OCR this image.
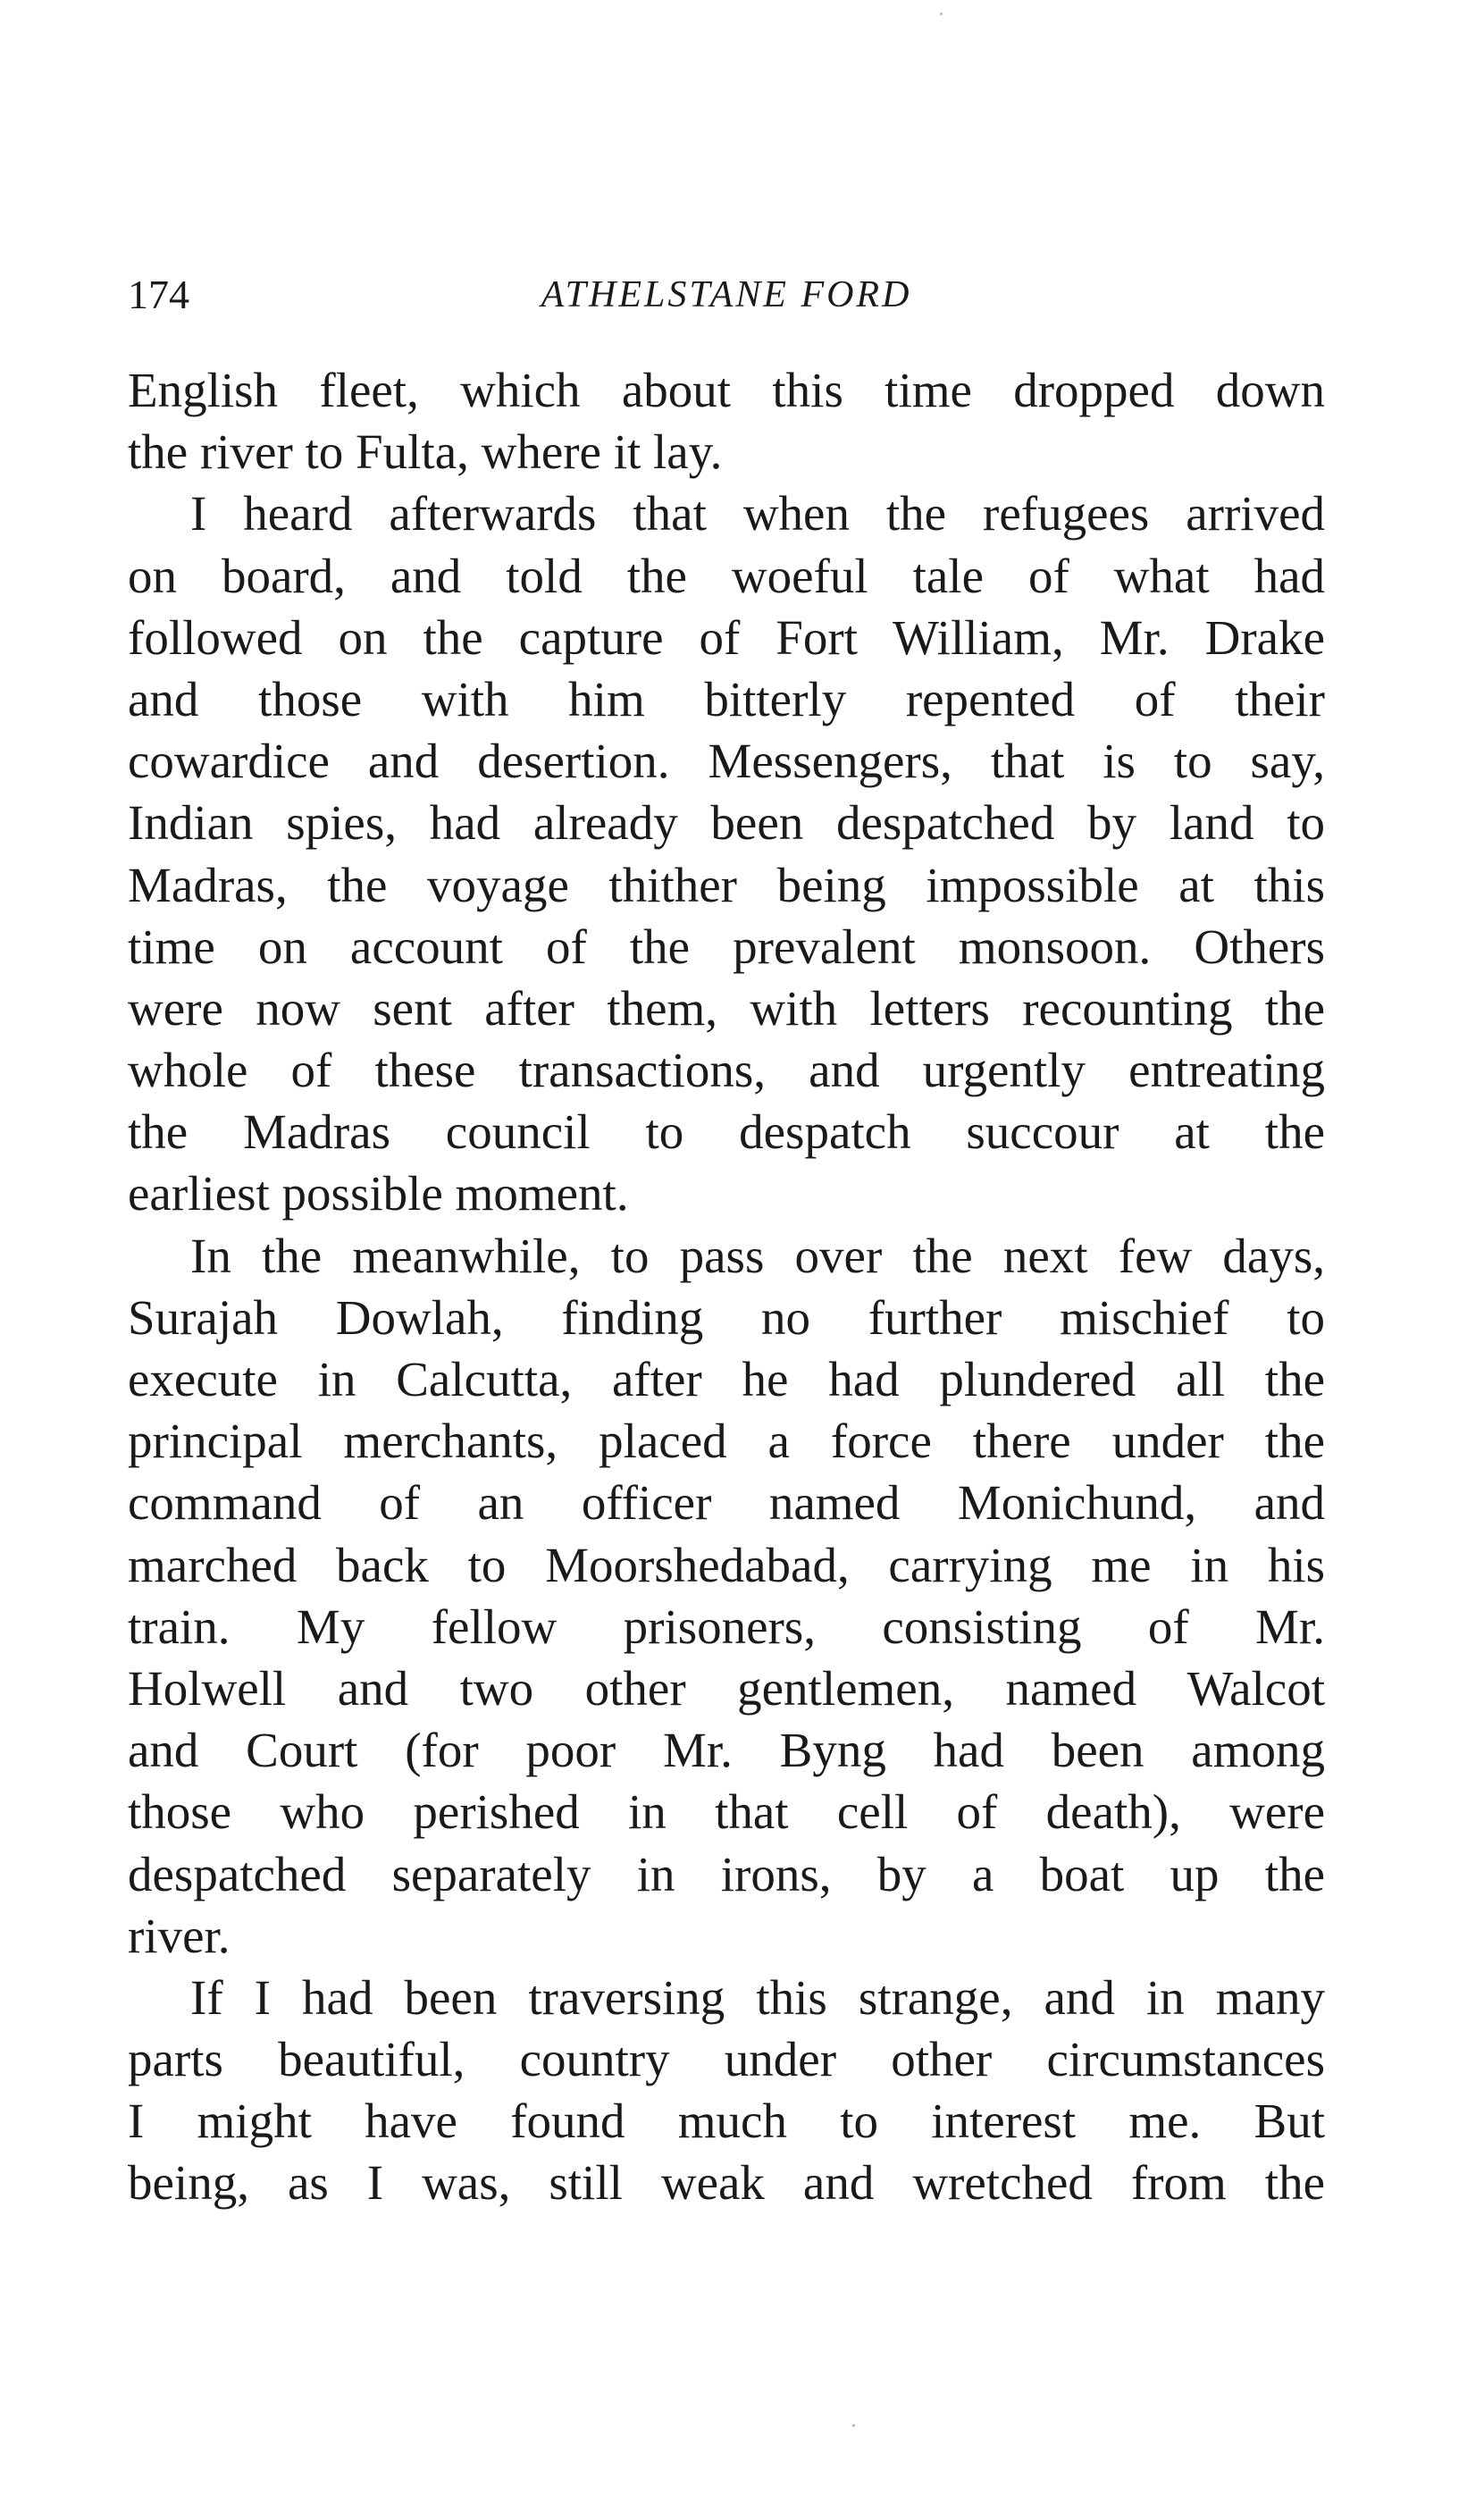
174	ATHELSTANE FORD
English fleet, which about this time dropped down
the river to Fulta, where it lay.
I heard afterwards that when the refugees arrived
on board, and told the woeful tale of what had
followed on the capture of Fort William, Mr. Drake
and those with him bitterly repented of their
cowardice and desertion. Messengers, that is to say,
Indian spies, had already been despatched by land to
Madras, the voyage thither being impossible at this
time on account of the prevalent monsoon. Others
were now sent after them, with letters recounting the
whole of these transactions, and urgently entreating
the Madras council to despatch succour at the
earliest possible moment.
In the meanwhile, to pass over the next few days,
Surajah Dowlah, finding no further mischief to
execute in Calcutta, after he had plundered all the
principal merchants, placed a force there under the
command of an officer named Monichund, and
marched back to Moorshedabad, carrying me in his
train. My fellow prisoners, consisting of Mr.
Holwell and two other gentlemen, named Walcot
and Court (for poor Mr. Byng had been among
those who perished in that cell of death), were
despatched separately in irons, by a boat up the
river.
If I had been traversing this strange, and in many
parts beautiful, country under other circumstances
I might have found much to interest me. But
being, as I was, still weak and wretched from the
